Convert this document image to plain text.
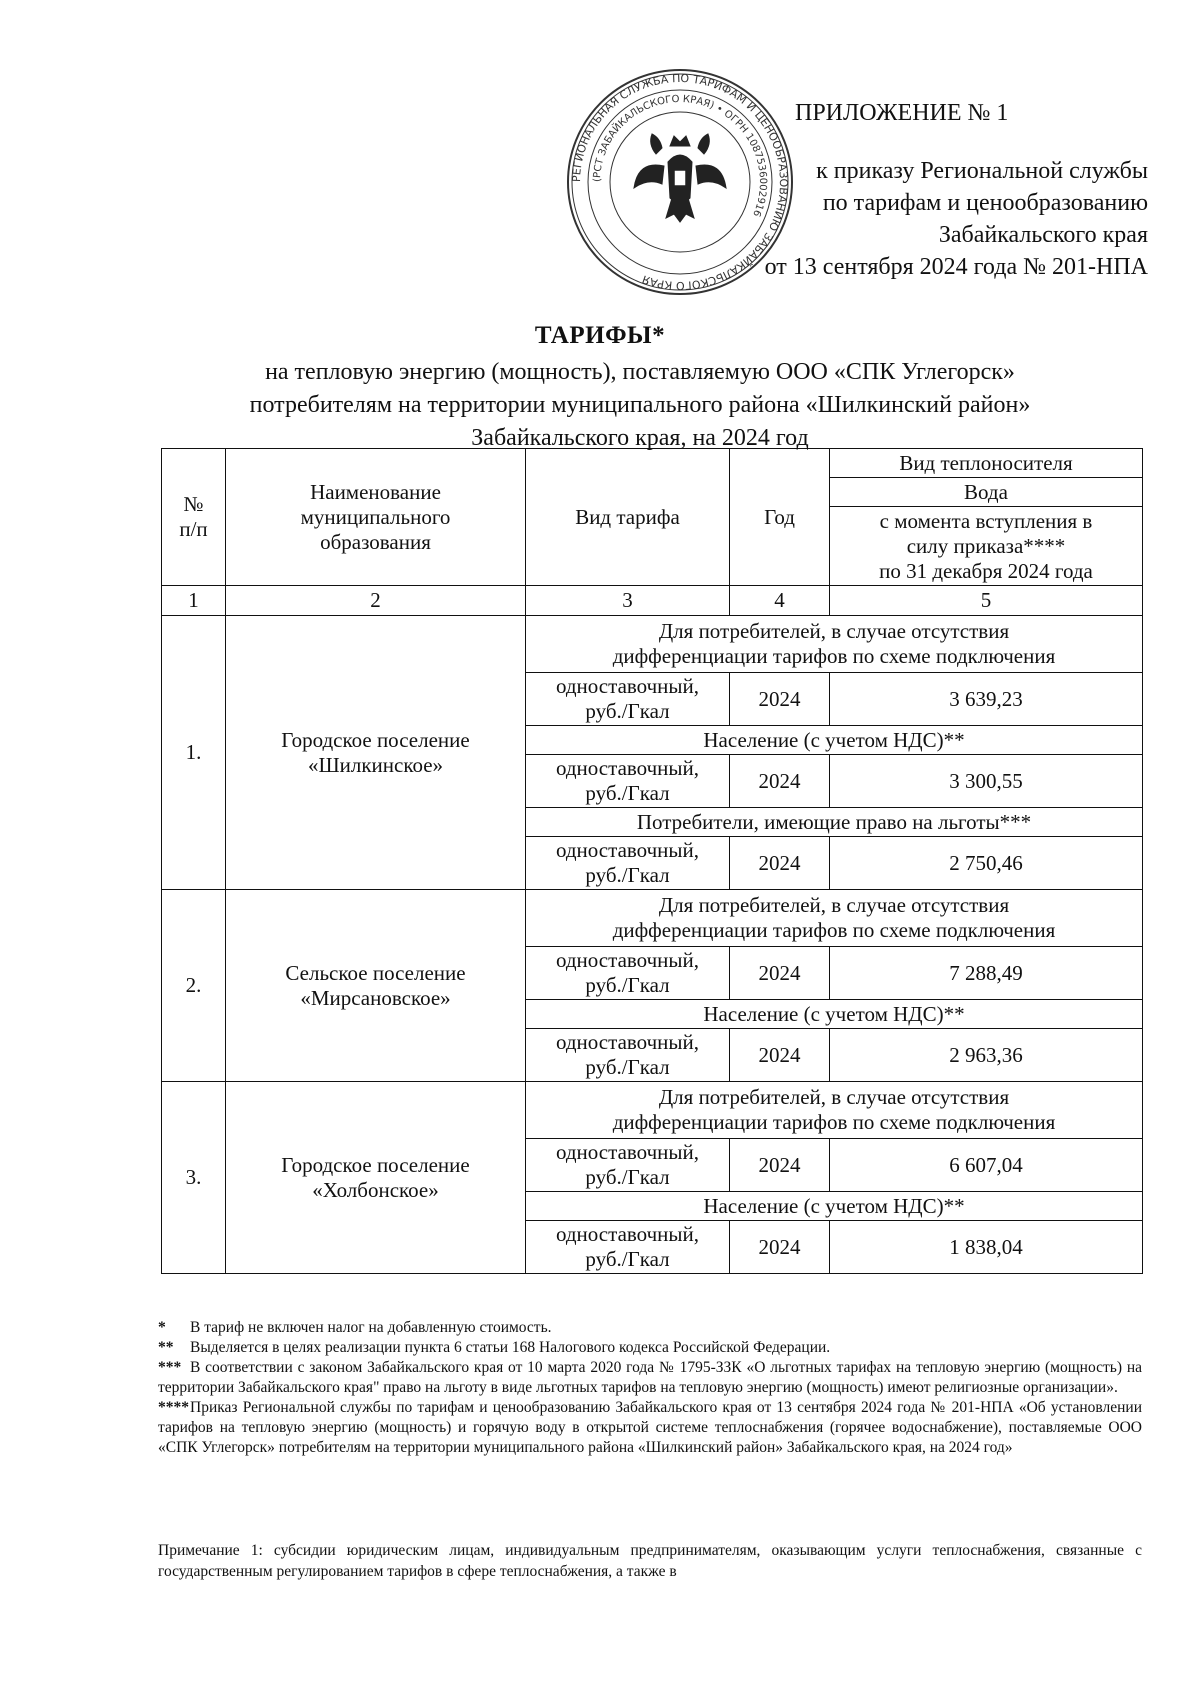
РЕГИОНАЛЬНАЯ СЛУЖБА ПО ТАРИФАМ И ЦЕНООБРАЗОВАНИЮ ЗАБАЙКАЛЬСКОГО КРАЯ
(РСТ ЗАБАЙКАЛЬСКОГО КРАЯ) • ОГРН 1087536002916
ПРИЛОЖЕНИЕ № 1
к приказу Региональной службы
по тарифам и ценообразованию
Забайкальского края
от 13 сентября 2024 года № 201-НПА
ТАРИФЫ*
на тепловую энергию (мощность), поставляемую ООО «СПК Углегорск»
потребителям на территории муниципального района «Шилкинский район»
Забайкальского края, на 2024 год
№
п/п	Наименование
муниципального
образования	Вид тарифа	Год	Вид теплоносителя
				Вода
				с момента вступления в
силу приказа****
по 31 декабря 2024 года
1	2	3	4	5
1.	Городское поселение
«Шилкинское»	Для потребителей, в случае отсутствия
дифференциации тарифов по схеме подключения		
		одноставочный,
руб./Гкал	2024	3 639,23
		Население (с учетом НДС)**		
		одноставочный,
руб./Гкал	2024	3 300,55
		Потребители, имеющие право на льготы***		
		одноставочный,
руб./Гкал	2024	2 750,46
2.	Сельское поселение
«Мирсановское»	Для потребителей, в случае отсутствия
дифференциации тарифов по схеме подключения		
		одноставочный,
руб./Гкал	2024	7 288,49
		Население (с учетом НДС)**		
		одноставочный,
руб./Гкал	2024	2 963,36
3.	Городское поселение
«Холбонское»	Для потребителей, в случае отсутствия
дифференциации тарифов по схеме подключения		
		одноставочный,
руб./Гкал	2024	6 607,04
		Население (с учетом НДС)**		
		одноставочный,
руб./Гкал	2024	1 838,04

* В тариф не включен налог на добавленную стоимость.

** Выделяется в целях реализации пункта 6 статьи 168 Налогового кодекса Российской Федерации.

*** В соответствии с законом Забайкальского края от 10 марта 2020 года № 1795-ЗЗК «О льготных тарифах на тепловую энергию (мощность) на территории Забайкальского края" право на льготу в виде льготных тарифов на тепловую энергию (мощность) имеют религиозные организации».

****Приказ Региональной службы по тарифам и ценообразованию Забайкальского края от 13 сентября 2024 года № 201-НПА «Об установлении тарифов на тепловую энергию (мощность) и горячую воду в открытой системе теплоснабжения (горячее водоснабжение), поставляемые ООО «СПК Углегорск» потребителям на территории муниципального района «Шилкинский район» Забайкальского края, на 2024 год»

Примечание 1: субсидии юридическим лицам, индивидуальным предпринимателям, оказывающим услуги теплоснабжения, связанные с государственным регулированием тарифов в сфере теплоснабжения, а также в
